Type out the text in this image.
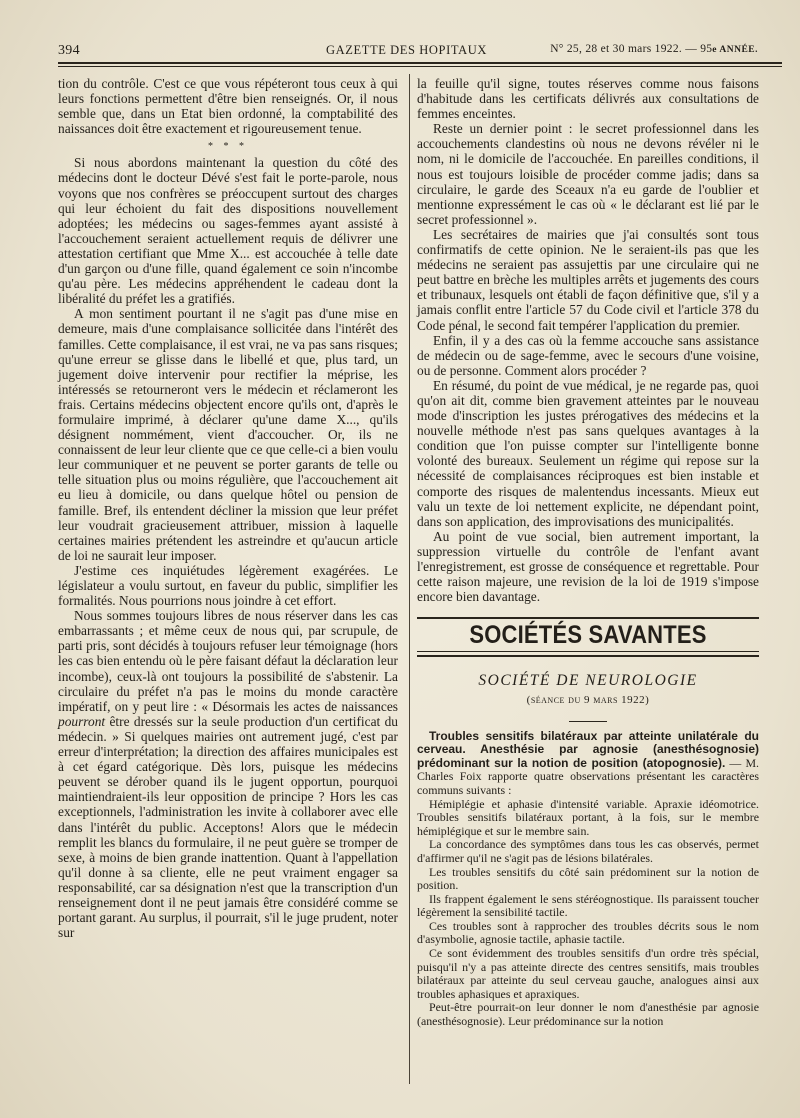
394	GAZETTE DES HOPITAUX	N° 25, 28 et 30 mars 1922. — 95e ANNÉE.

tion du contrôle. C'est ce que vous répéteront tous ceux à qui leurs fonctions permettent d'être bien renseignés. Or, il nous semble que, dans un Etat bien ordonné, la comptabilité des naissances doit être exactement et rigoureusement tenue.

* * *

Si nous abordons maintenant la question du côté des médecins dont le docteur Dévé s'est fait le porte-parole, nous voyons que nos confrères se préoccupent surtout des charges qui leur échoient du fait des dispositions nouvellement adoptées; les médecins ou sages-femmes ayant assisté à l'accouchement seraient actuellement requis de délivrer une attestation certifiant que Mme X... est accouchée à telle date d'un garçon ou d'une fille, quand également ce soin n'incombe qu'au père. Les médecins appréhendent le cadeau dont la libéralité du préfet les a gratifiés.

A mon sentiment pourtant il ne s'agit pas d'une mise en demeure, mais d'une complaisance sollicitée dans l'intérêt des familles. Cette complaisance, il est vrai, ne va pas sans risques; qu'une erreur se glisse dans le libellé et que, plus tard, un jugement doive intervenir pour rectifier la méprise, les intéressés se retourneront vers le médecin et réclameront les frais. Certains médecins objectent encore qu'ils ont, d'après le formulaire imprimé, à déclarer qu'une dame X..., qu'ils désignent nommément, vient d'accoucher. Or, ils ne connaissent de leur leur cliente que ce que celle-ci a bien voulu leur communiquer et ne peuvent se porter garants de telle ou telle situation plus ou moins régulière, que l'accouchement ait eu lieu à domicile, ou dans quelque hôtel ou pension de famille. Bref, ils entendent décliner la mission que leur préfet leur voudrait gracieusement attribuer, mission à laquelle certaines mairies prétendent les astreindre et qu'aucun article de loi ne saurait leur imposer.

J'estime ces inquiétudes légèrement exagérées. Le législateur a voulu surtout, en faveur du public, simplifier les formalités. Nous pourrions nous joindre à cet effort.

Nous sommes toujours libres de nous réserver dans les cas embarrassants ; et même ceux de nous qui, par scrupule, de parti pris, sont décidés à toujours refuser leur témoignage (hors les cas bien entendu où le père faisant défaut la déclaration leur incombe), ceux-là ont toujours la possibilité de s'abstenir. La circulaire du préfet n'a pas le moins du monde caractère impératif, on y peut lire : « Désormais les actes de naissances pourront être dressés sur la seule production d'un certificat du médecin. » Si quelques mairies ont autrement jugé, c'est par erreur d'interprétation; la direction des affaires municipales est à cet égard catégorique. Dès lors, puisque les médecins peuvent se dérober quand ils le jugent opportun, pourquoi maintiendraient-ils leur opposition de principe ? Hors les cas exceptionnels, l'administration les invite à collaborer avec elle dans l'intérêt du public. Acceptons! Alors que le médecin remplit les blancs du formulaire, il ne peut guère se tromper de sexe, à moins de bien grande inattention. Quant à l'appellation qu'il donne à sa cliente, elle ne peut vraiment engager sa responsabilité, car sa désignation n'est que la transcription d'un renseignement dont il ne peut jamais être considéré comme se portant garant. Au surplus, il pourrait, s'il le juge prudent, noter sur

la feuille qu'il signe, toutes réserves comme nous faisons d'habitude dans les certificats délivrés aux consultations de femmes enceintes.

Reste un dernier point : le secret professionnel dans les accouchements clandestins où nous ne devons révéler ni le nom, ni le domicile de l'accouchée. En pareilles conditions, il nous est toujours loisible de procéder comme jadis; dans sa circulaire, le garde des Sceaux n'a eu garde de l'oublier et mentionne expressément le cas où « le déclarant est lié par le secret professionnel ».

Les secrétaires de mairies que j'ai consultés sont tous confirmatifs de cette opinion. Ne le seraient-ils pas que les médecins ne seraient pas assujettis par une circulaire qui ne peut battre en brèche les multiples arrêts et jugements des cours et tribunaux, lesquels ont établi de façon définitive que, s'il y a jamais conflit entre l'article 57 du Code civil et l'article 378 du Code pénal, le second fait tempérer l'application du premier.

Enfin, il y a des cas où la femme accouche sans assistance de médecin ou de sage-femme, avec le secours d'une voisine, ou de personne. Comment alors procéder ?

En résumé, du point de vue médical, je ne regarde pas, quoi qu'on ait dit, comme bien gravement atteintes par le nouveau mode d'inscription les justes prérogatives des médecins et la nouvelle méthode n'est pas sans quelques avantages à la condition que l'on puisse compter sur l'intelligente bonne volonté des bureaux. Seulement un régime qui repose sur la nécessité de complaisances réciproques est bien instable et comporte des risques de malentendus incessants. Mieux eut valu un texte de loi nettement explicite, ne dépendant point, dans son application, des improvisations des municipalités.

Au point de vue social, bien autrement important, la suppression virtuelle du contrôle de l'enfant avant l'enregistrement, est grosse de conséquence et regrettable. Pour cette raison majeure, une revision de la loi de 1919 s'impose encore bien davantage.

SOCIÉTÉS SAVANTES
SOCIÉTÉ DE NEUROLOGIE
(séance du 9 mars 1922)

Troubles sensitifs bilatéraux par atteinte unilatérale du cerveau. Anesthésie par agnosie (anesthésognosie) prédominant sur la notion de position (atopognosie). — M. Charles Foix rapporte quatre observations présentant les caractères communs suivants :

Hémiplégie et aphasie d'intensité variable. Apraxie idéomotrice. Troubles sensitifs bilatéraux portant, à la fois, sur le membre hémiplégique et sur le membre sain.

La concordance des symptômes dans tous les cas observés, permet d'affirmer qu'il ne s'agit pas de lésions bilatérales.

Les troubles sensitifs du côté sain prédominent sur la notion de position.

Ils frappent également le sens stéréognostique. Ils paraissent toucher légèrement la sensibilité tactile.

Ces troubles sont à rapprocher des troubles décrits sous le nom d'asymbolie, agnosie tactile, aphasie tactile.

Ce sont évidemment des troubles sensitifs d'un ordre très spécial, puisqu'il n'y a pas atteinte directe des centres sensitifs, mais troubles bilatéraux par atteinte du seul cerveau gauche, analogues ainsi aux troubles aphasiques et apraxiques.

Peut-être pourrait-on leur donner le nom d'anesthésie par agnosie (anesthésognosie). Leur prédominance sur la notion
